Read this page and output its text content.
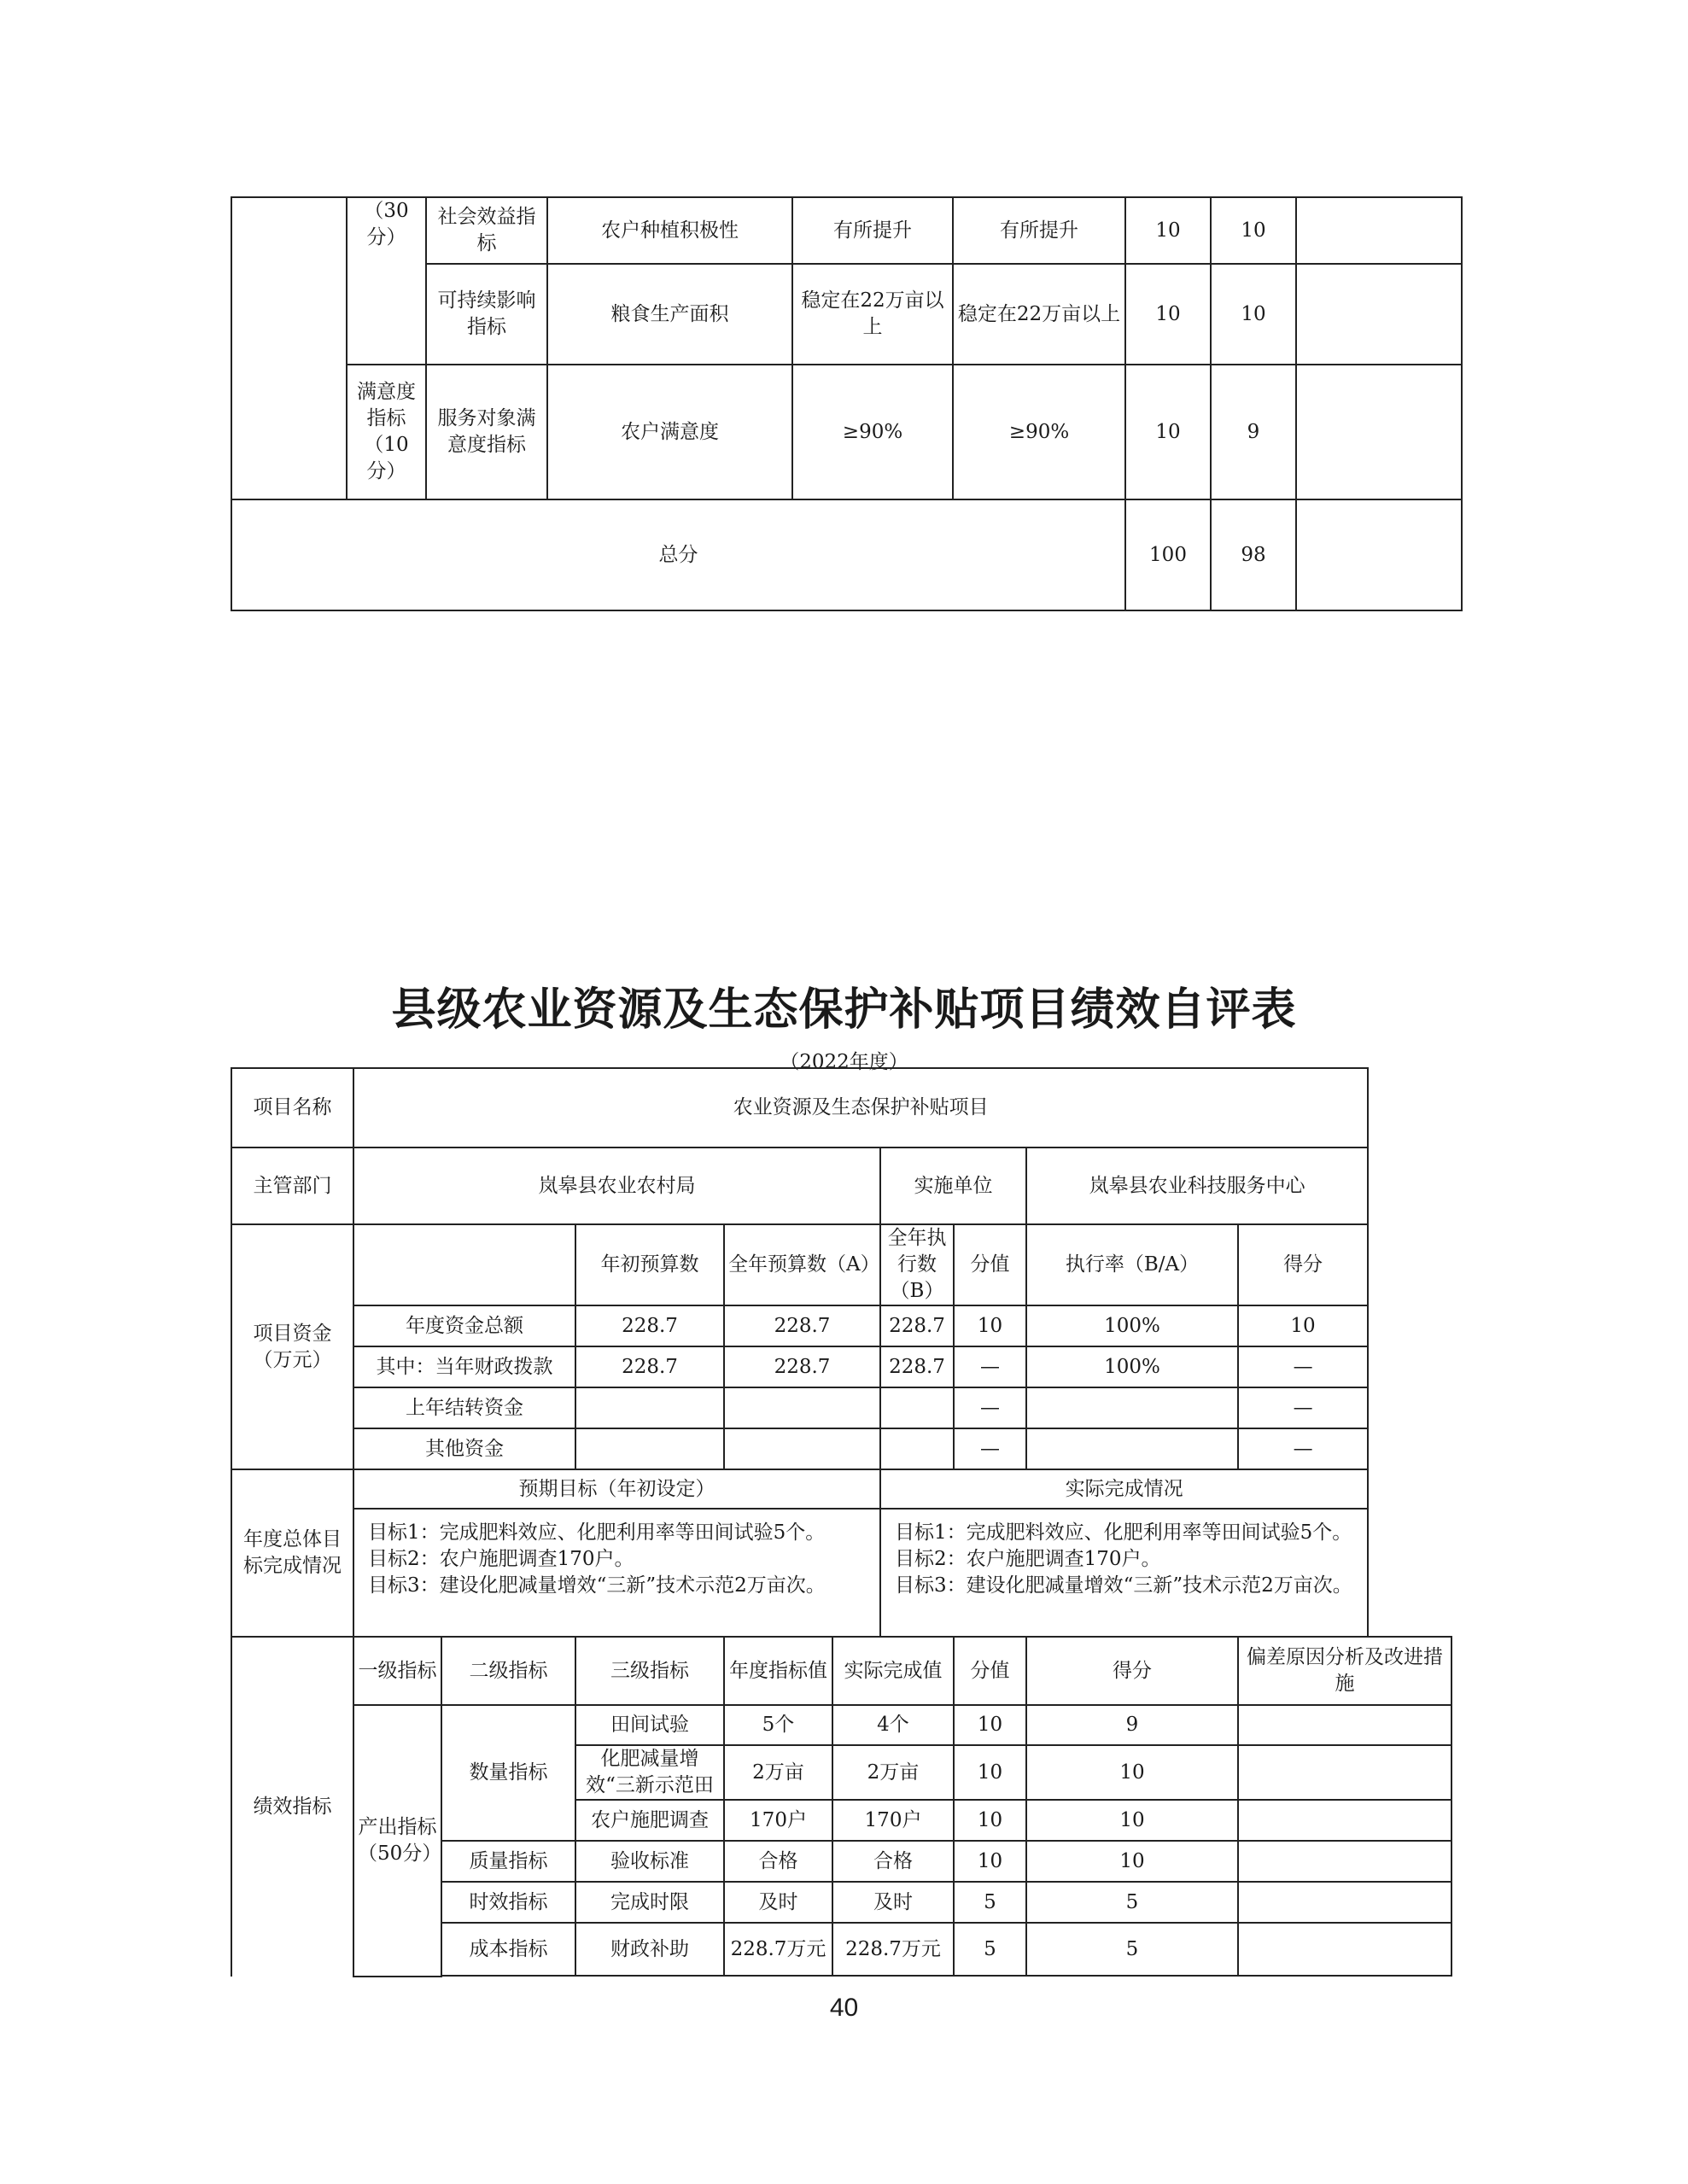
	（30分）	社会效益指标	农户种植积极性	有所提升	有所提升	10	10	
		可持续影响指标	粮食生产面积	稳定在22万亩以上	稳定在22万亩以上	10	10	
	满意度指标（10分）	服务对象满意度指标	农户满意度	≥90%	≥90%	10	9	
总分						100	98	
县级农业资源及生态保护补贴项目绩效自评表
（2022年度）
项目名称	农业资源及生态保护补贴项目								
主管部门	岚皋县农业农村局					实施单位		岚皋县农业科技服务中心	
项目资金（万元）			年初预算数	全年预算数（A）		全年执行数（B）	分值	执行率（B/A）	得分
	年度资金总额		228.7	228.7		228.7	10	100%	10
	其中：当年财政拨款		228.7	228.7		228.7	—	100%	—
	上年结转资金						—		—
	其他资金						—		—
年度总体目标完成情况	预期目标（年初设定）					实际完成情况			

	目标1：完成肥料效应、化肥利用率等田间试验5个。
目标2：农户施肥调查170户。
目标3：建设化肥减量增效“三新”技术示范2万亩次。					目标1：完成肥料效应、化肥利用率等田间试验5个。
目标2：农户施肥调查170户。
目标3：建设化肥减量增效“三新”技术示范2万亩次。			

绩效指标	一级指标	二级指标	三级指标	年度指标值	实际完成值		分值	得分	偏差原因分析及改进措施
	产出指标（50分）	数量指标	田间试验	5个	4个		10	9	
			化肥减量增效“三新示范田	2万亩	2万亩		10	10	
			农户施肥调查	170户	170户		10	10	
		质量指标	验收标准	合格	合格		10	10	
		时效指标	完成时限	及时	及时		5	5	
		成本指标	财政补助	228.7万元	228.7万元		5	5	

40
